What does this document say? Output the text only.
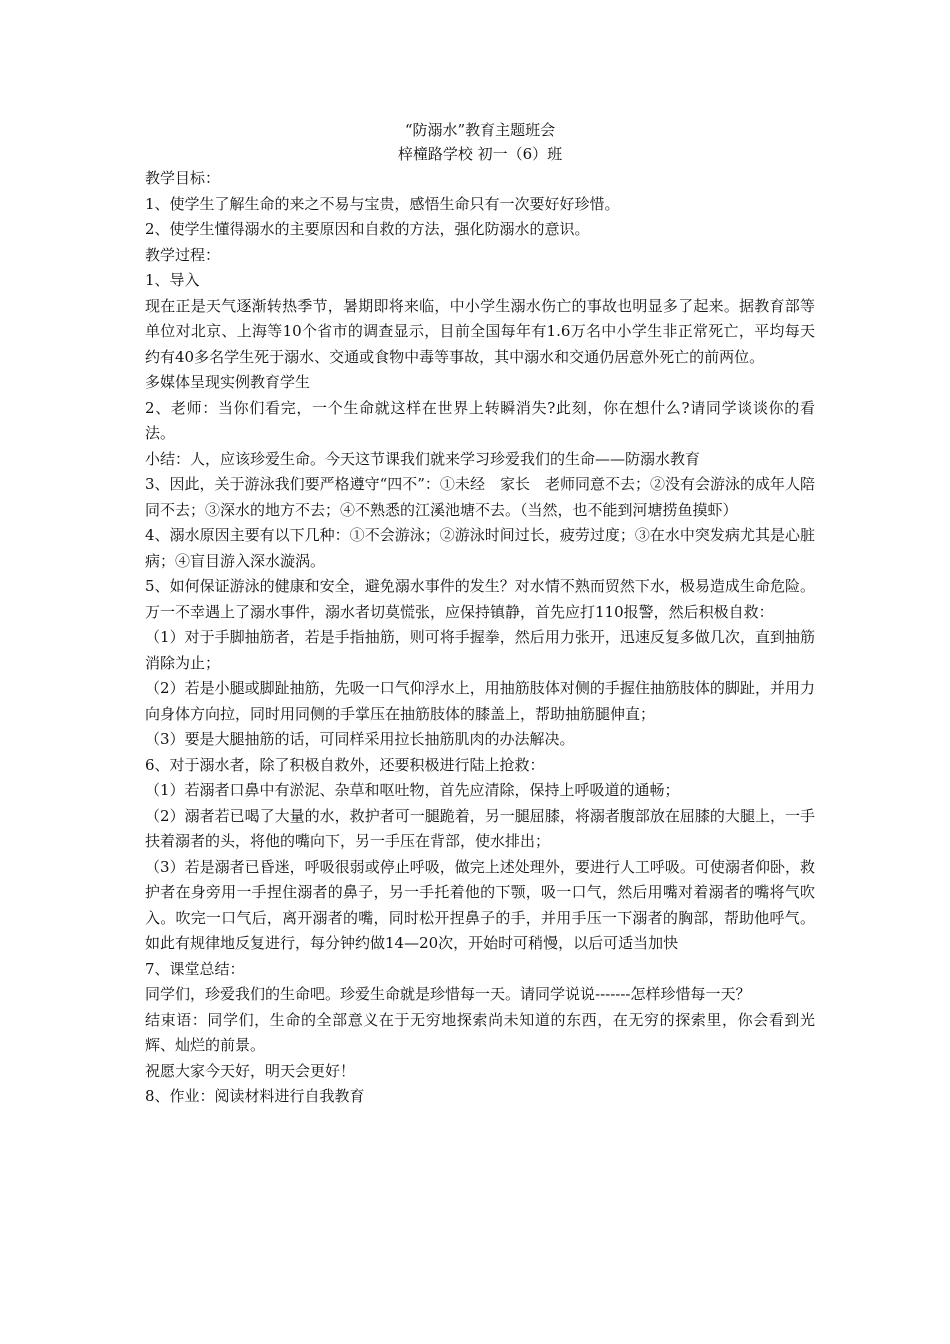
“防溺水”教育主题班会
梓橦路学校 初一（6）班

教学目标：

1、使学生了解生命的来之不易与宝贵，感悟生命只有一次要好好珍惜。

2、使学生懂得溺水的主要原因和自救的方法，强化防溺水的意识。

教学过程：

1、导入

现在正是天气逐渐转热季节，暑期即将来临，中小学生溺水伤亡的事故也明显多了起来。据教育部等单位对北京、上海等10个省市的调查显示，目前全国每年有1.6万名中小学生非正常死亡，平均每天约有40多名学生死于溺水、交通或食物中毒等事故，其中溺水和交通仍居意外死亡的前两位。

多媒体呈现实例教育学生

2、老师：当你们看完，一个生命就这样在世界上转瞬消失?此刻，你在想什么?请同学谈谈你的看法。

小结：人，应该珍爱生命。今天这节课我们就来学习珍爱我们的生命——防溺水教育

3、因此，关于游泳我们要严格遵守“四不”：①未经　家长　老师同意不去；②没有会游泳的成年人陪同不去；③深水的地方不去；④不熟悉的江溪池塘不去。（当然，也不能到河塘捞鱼摸虾）

4、溺水原因主要有以下几种：①不会游泳；②游泳时间过长，疲劳过度；③在水中突发病尤其是心脏病；④盲目游入深水漩涡。

5、如何保证游泳的健康和安全，避免溺水事件的发生？对水情不熟而贸然下水，极易造成生命危险。万一不幸遇上了溺水事件，溺水者切莫慌张，应保持镇静，首先应打110报警，然后积极自救：

（1）对于手脚抽筋者，若是手指抽筋，则可将手握拳，然后用力张开，迅速反复多做几次，直到抽筋消除为止；

（2）若是小腿或脚趾抽筋，先吸一口气仰浮水上，用抽筋肢体对侧的手握住抽筋肢体的脚趾，并用力向身体方向拉，同时用同侧的手掌压在抽筋肢体的膝盖上，帮助抽筋腿伸直；

（3）要是大腿抽筋的话，可同样采用拉长抽筋肌肉的办法解决。

6、对于溺水者，除了积极自救外，还要积极进行陆上抢救：

（1）若溺者口鼻中有淤泥、杂草和呕吐物，首先应清除，保持上呼吸道的通畅；

（2）溺者若已喝了大量的水，救护者可一腿跪着，另一腿屈膝，将溺者腹部放在屈膝的大腿上，一手扶着溺者的头，将他的嘴向下，另一手压在背部，使水排出；

（3）若是溺者已昏迷，呼吸很弱或停止呼吸，做完上述处理外，要进行人工呼吸。可使溺者仰卧，救护者在身旁用一手捏住溺者的鼻子，另一手托着他的下颚，吸一口气，然后用嘴对着溺者的嘴将气吹入。吹完一口气后，离开溺者的嘴，同时松开捏鼻子的手，并用手压一下溺者的胸部，帮助他呼气。如此有规律地反复进行，每分钟约做14—20次，开始时可稍慢，以后可适当加快

7、课堂总结：

同学们，珍爱我们的生命吧。珍爱生命就是珍惜每一天。请同学说说-------怎样珍惜每一天？

结束语：同学们，生命的全部意义在于无穷地探索尚未知道的东西，在无穷的探索里，你会看到光辉、灿烂的前景。

祝愿大家今天好，明天会更好！

8、作业：阅读材料进行自我教育
